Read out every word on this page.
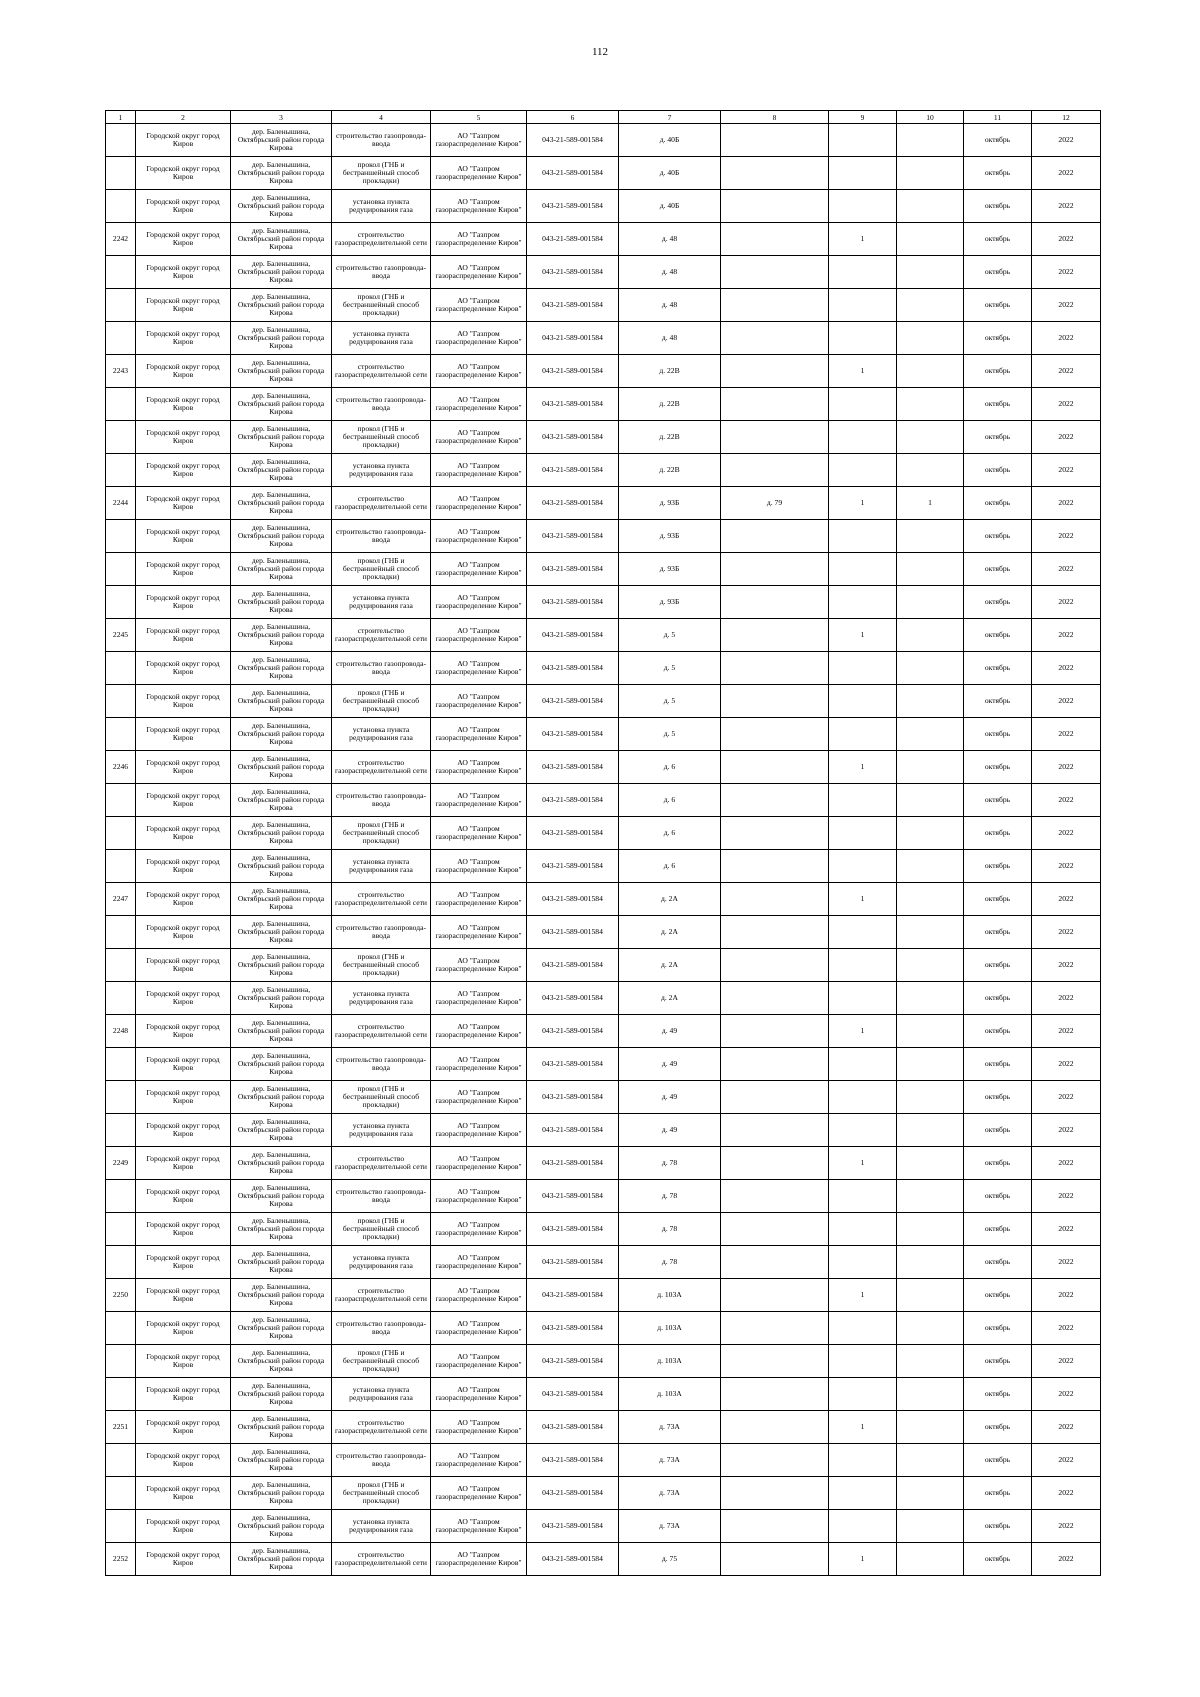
112
1	2	3	4	5	6	7	8	9	10	11	12

	Городской округ город Киров	дер. Баленышина, Октябрьский район города Кирова	строительство газопровода-ввода	АО "Газпром газораспределение Киров"	043-21-589-001584	д. 40Б				октябрь	2022

	Городской округ город Киров	дер. Баленышина, Октябрьский район города Кирова	прокол (ГНБ и бестраншейный способ прокладки)	АО "Газпром газораспределение Киров"	043-21-589-001584	д. 40Б				октябрь	2022

	Городской округ город Киров	дер. Баленышина, Октябрьский район города Кирова	установка пункта редуцирования газа	АО "Газпром газораспределение Киров"	043-21-589-001584	д. 40Б				октябрь	2022

2242	Городской округ город Киров	дер. Баленышина, Октябрьский район города Кирова	строительство газораспределительной сети	АО "Газпром газораспределение Киров"	043-21-589-001584	д. 48		1		октябрь	2022

	Городской округ город Киров	дер. Баленышина, Октябрьский район города Кирова	строительство газопровода-ввода	АО "Газпром газораспределение Киров"	043-21-589-001584	д. 48				октябрь	2022

	Городской округ город Киров	дер. Баленышина, Октябрьский район города Кирова	прокол (ГНБ и бестраншейный способ прокладки)	АО "Газпром газораспределение Киров"	043-21-589-001584	д. 48				октябрь	2022

	Городской округ город Киров	дер. Баленышина, Октябрьский район города Кирова	установка пункта редуцирования газа	АО "Газпром газораспределение Киров"	043-21-589-001584	д. 48				октябрь	2022

2243	Городской округ город Киров	дер. Баленышина, Октябрьский район города Кирова	строительство газораспределительной сети	АО "Газпром газораспределение Киров"	043-21-589-001584	д. 22В		1		октябрь	2022

	Городской округ город Киров	дер. Баленышина, Октябрьский район города Кирова	строительство газопровода-ввода	АО "Газпром газораспределение Киров"	043-21-589-001584	д. 22В				октябрь	2022

	Городской округ город Киров	дер. Баленышина, Октябрьский район города Кирова	прокол (ГНБ и бестраншейный способ прокладки)	АО "Газпром газораспределение Киров"	043-21-589-001584	д. 22В				октябрь	2022

	Городской округ город Киров	дер. Баленышина, Октябрьский район города Кирова	установка пункта редуцирования газа	АО "Газпром газораспределение Киров"	043-21-589-001584	д. 22В				октябрь	2022

2244	Городской округ город Киров	дер. Баленышина, Октябрьский район города Кирова	строительство газораспределительной сети	АО "Газпром газораспределение Киров"	043-21-589-001584	д. 93Б	д. 79	1	1	октябрь	2022

	Городской округ город Киров	дер. Баленышина, Октябрьский район города Кирова	строительство газопровода-ввода	АО "Газпром газораспределение Киров"	043-21-589-001584	д. 93Б				октябрь	2022

	Городской округ город Киров	дер. Баленышина, Октябрьский район города Кирова	прокол (ГНБ и бестраншейный способ прокладки)	АО "Газпром газораспределение Киров"	043-21-589-001584	д. 93Б				октябрь	2022

	Городской округ город Киров	дер. Баленышина, Октябрьский район города Кирова	установка пункта редуцирования газа	АО "Газпром газораспределение Киров"	043-21-589-001584	д. 93Б				октябрь	2022

2245	Городской округ город Киров	дер. Баленышина, Октябрьский район города Кирова	строительство газораспределительной сети	АО "Газпром газораспределение Киров"	043-21-589-001584	д. 5		1		октябрь	2022

	Городской округ город Киров	дер. Баленышина, Октябрьский район города Кирова	строительство газопровода-ввода	АО "Газпром газораспределение Киров"	043-21-589-001584	д. 5				октябрь	2022

	Городской округ город Киров	дер. Баленышина, Октябрьский район города Кирова	прокол (ГНБ и бестраншейный способ прокладки)	АО "Газпром газораспределение Киров"	043-21-589-001584	д. 5				октябрь	2022

	Городской округ город Киров	дер. Баленышина, Октябрьский район города Кирова	установка пункта редуцирования газа	АО "Газпром газораспределение Киров"	043-21-589-001584	д. 5				октябрь	2022

2246	Городской округ город Киров	дер. Баленышина, Октябрьский район города Кирова	строительство газораспределительной сети	АО "Газпром газораспределение Киров"	043-21-589-001584	д. 6		1		октябрь	2022

	Городской округ город Киров	дер. Баленышина, Октябрьский район города Кирова	строительство газопровода-ввода	АО "Газпром газораспределение Киров"	043-21-589-001584	д. 6				октябрь	2022

	Городской округ город Киров	дер. Баленышина, Октябрьский район города Кирова	прокол (ГНБ и бестраншейный способ прокладки)	АО "Газпром газораспределение Киров"	043-21-589-001584	д. 6				октябрь	2022

	Городской округ город Киров	дер. Баленышина, Октябрьский район города Кирова	установка пункта редуцирования газа	АО "Газпром газораспределение Киров"	043-21-589-001584	д. 6				октябрь	2022

2247	Городской округ город Киров	дер. Баленышина, Октябрьский район города Кирова	строительство газораспределительной сети	АО "Газпром газораспределение Киров"	043-21-589-001584	д. 2А		1		октябрь	2022

	Городской округ город Киров	дер. Баленышина, Октябрьский район города Кирова	строительство газопровода-ввода	АО "Газпром газораспределение Киров"	043-21-589-001584	д. 2А				октябрь	2022

	Городской округ город Киров	дер. Баленышина, Октябрьский район города Кирова	прокол (ГНБ и бестраншейный способ прокладки)	АО "Газпром газораспределение Киров"	043-21-589-001584	д. 2А				октябрь	2022

	Городской округ город Киров	дер. Баленышина, Октябрьский район города Кирова	установка пункта редуцирования газа	АО "Газпром газораспределение Киров"	043-21-589-001584	д. 2А				октябрь	2022

2248	Городской округ город Киров	дер. Баленышина, Октябрьский район города Кирова	строительство газораспределительной сети	АО "Газпром газораспределение Киров"	043-21-589-001584	д. 49		1		октябрь	2022

	Городской округ город Киров	дер. Баленышина, Октябрьский район города Кирова	строительство газопровода-ввода	АО "Газпром газораспределение Киров"	043-21-589-001584	д. 49				октябрь	2022

	Городской округ город Киров	дер. Баленышина, Октябрьский район города Кирова	прокол (ГНБ и бестраншейный способ прокладки)	АО "Газпром газораспределение Киров"	043-21-589-001584	д. 49				октябрь	2022

	Городской округ город Киров	дер. Баленышина, Октябрьский район города Кирова	установка пункта редуцирования газа	АО "Газпром газораспределение Киров"	043-21-589-001584	д. 49				октябрь	2022

2249	Городской округ город Киров	дер. Баленышина, Октябрьский район города Кирова	строительство газораспределительной сети	АО "Газпром газораспределение Киров"	043-21-589-001584	д. 78		1		октябрь	2022

	Городской округ город Киров	дер. Баленышина, Октябрьский район города Кирова	строительство газопровода-ввода	АО "Газпром газораспределение Киров"	043-21-589-001584	д. 78				октябрь	2022

	Городской округ город Киров	дер. Баленышина, Октябрьский район города Кирова	прокол (ГНБ и бестраншейный способ прокладки)	АО "Газпром газораспределение Киров"	043-21-589-001584	д. 78				октябрь	2022

	Городской округ город Киров	дер. Баленышина, Октябрьский район города Кирова	установка пункта редуцирования газа	АО "Газпром газораспределение Киров"	043-21-589-001584	д. 78				октябрь	2022

2250	Городской округ город Киров	дер. Баленышина, Октябрьский район города Кирова	строительство газораспределительной сети	АО "Газпром газораспределение Киров"	043-21-589-001584	д. 103А		1		октябрь	2022

	Городской округ город Киров	дер. Баленышина, Октябрьский район города Кирова	строительство газопровода-ввода	АО "Газпром газораспределение Киров"	043-21-589-001584	д. 103А				октябрь	2022

	Городской округ город Киров	дер. Баленышина, Октябрьский район города Кирова	прокол (ГНБ и бестраншейный способ прокладки)	АО "Газпром газораспределение Киров"	043-21-589-001584	д. 103А				октябрь	2022

	Городской округ город Киров	дер. Баленышина, Октябрьский район города Кирова	установка пункта редуцирования газа	АО "Газпром газораспределение Киров"	043-21-589-001584	д. 103А				октябрь	2022

2251	Городской округ город Киров	дер. Баленышина, Октябрьский район города Кирова	строительство газораспределительной сети	АО "Газпром газораспределение Киров"	043-21-589-001584	д. 73А		1		октябрь	2022

	Городской округ город Киров	дер. Баленышина, Октябрьский район города Кирова	строительство газопровода-ввода	АО "Газпром газораспределение Киров"	043-21-589-001584	д. 73А				октябрь	2022

	Городской округ город Киров	дер. Баленышина, Октябрьский район города Кирова	прокол (ГНБ и бестраншейный способ прокладки)	АО "Газпром газораспределение Киров"	043-21-589-001584	д. 73А				октябрь	2022

	Городской округ город Киров	дер. Баленышина, Октябрьский район города Кирова	установка пункта редуцирования газа	АО "Газпром газораспределение Киров"	043-21-589-001584	д. 73А				октябрь	2022

2252	Городской округ город Киров	дер. Баленышина, Октябрьский район города Кирова	строительство газораспределительной сети	АО "Газпром газораспределение Киров"	043-21-589-001584	д. 75		1		октябрь	2022
